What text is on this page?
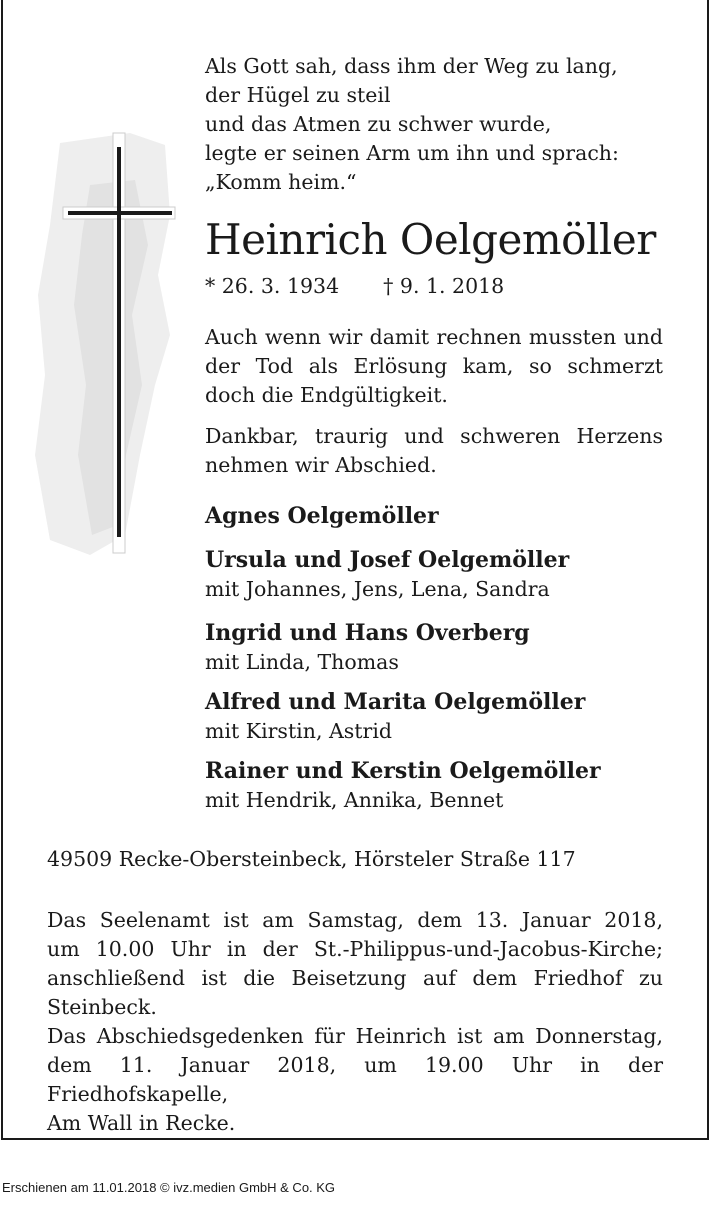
Als Gott sah, dass ihm der Weg zu lang,
der Hügel zu steil
und das Atmen zu schwer wurde,
legte er seinen Arm um ihn und sprach:
„Komm heim.“
Heinrich Oelgemöller
* 26. 3. 1934 † 9. 1. 2018
Auch wenn wir damit rechnen mussten und der Tod als Erlösung kam, so schmerzt doch die Endgültigkeit.
Dankbar, traurig und schweren Herzens nehmen wir Abschied.
Agnes Oelgemöller
Ursula und Josef Oelgemöller
mit Johannes, Jens, Lena, Sandra
Ingrid und Hans Overberg
mit Linda, Thomas
Alfred und Marita Oelgemöller
mit Kirstin, Astrid
Rainer und Kerstin Oelgemöller
mit Hendrik, Annika, Bennet
49509 Recke-Obersteinbeck, Hörsteler Straße 117
Das Seelenamt ist am Samstag, dem 13. Januar 2018,
um 10.00 Uhr in der St.-Philippus-und-Jacobus-Kirche;
anschließend ist die Beisetzung auf dem Friedhof zu
Steinbeck.
Das Abschiedsgedenken für Heinrich ist am Donnerstag,
dem 11. Januar 2018, um 19.00 Uhr in der Friedhofskapelle,
Am Wall in Recke.
Erschienen am 11.01.2018 © ivz.medien GmbH & Co. KG
